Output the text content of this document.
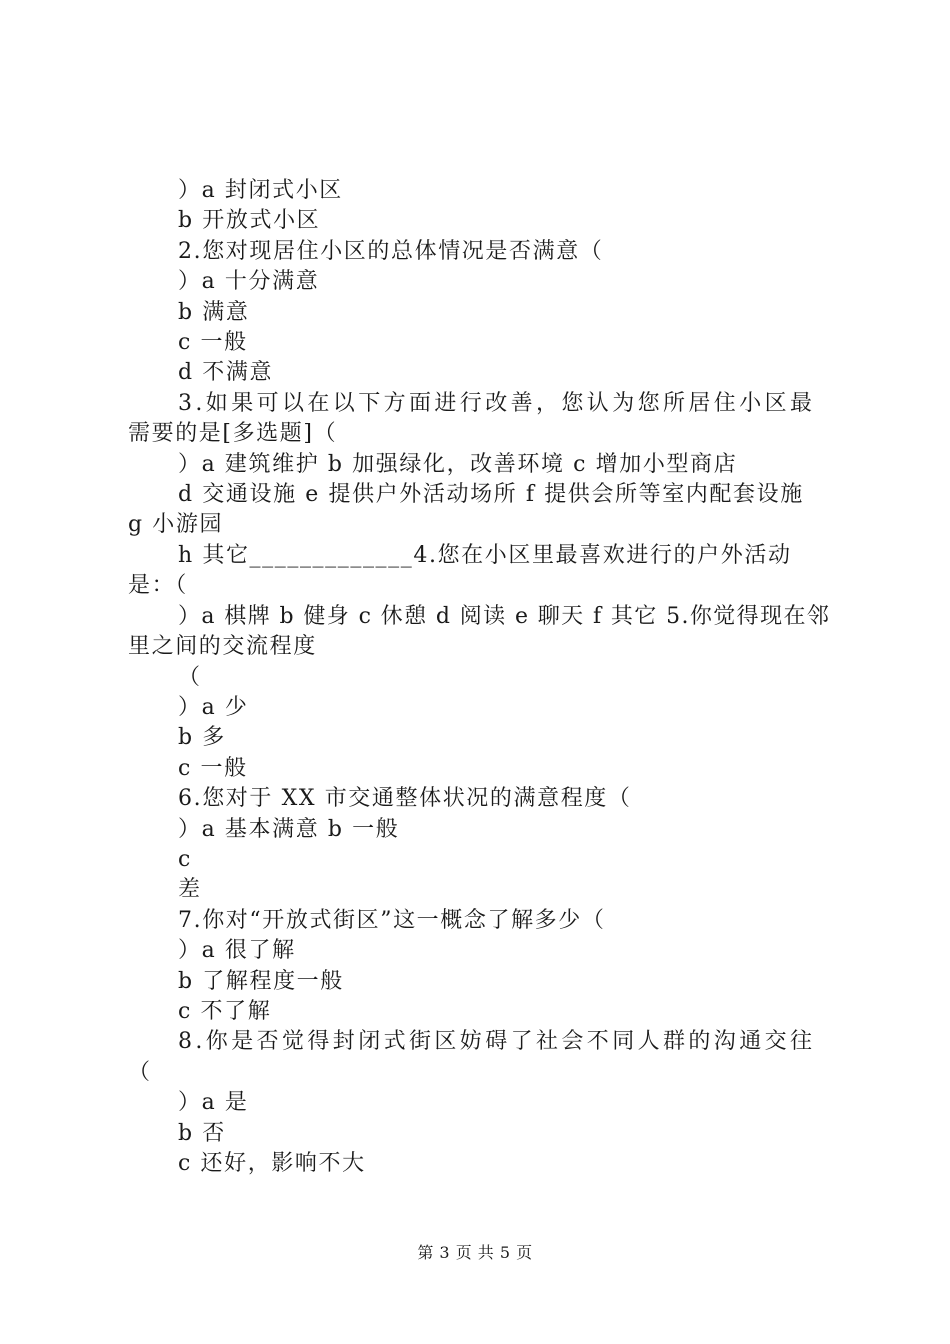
）a 封闭式小区

b 开放式小区

2.您对现居住小区的总体情况是否满意（

）a 十分满意

b 满意

c 一般

d 不满意

3.如果可以在以下方面进行改善，您认为您所居住小区最

需要的是[多选题]（

）a 建筑维护 b 加强绿化，改善环境 c 增加小型商店

d 交通设施 e 提供户外活动场所 f 提供会所等室内配套设施

g 小游园

h 其它_____________4.您在小区里最喜欢进行的户外活动

是：（

）a 棋牌 b 健身 c 休憩 d 阅读 e 聊天 f 其它 5.你觉得现在邻

里之间的交流程度

（

）a 少

b 多

c 一般

6.您对于 XX 市交通整体状况的满意程度（

）a 基本满意 b 一般

c

差

7.你对“开放式街区”这一概念了解多少（

）a 很了解

b 了解程度一般

c 不了解

8.你是否觉得封闭式街区妨碍了社会不同人群的沟通交往

（

）a 是

b 否

c 还好，影响不大

第 3 页 共 5 页
